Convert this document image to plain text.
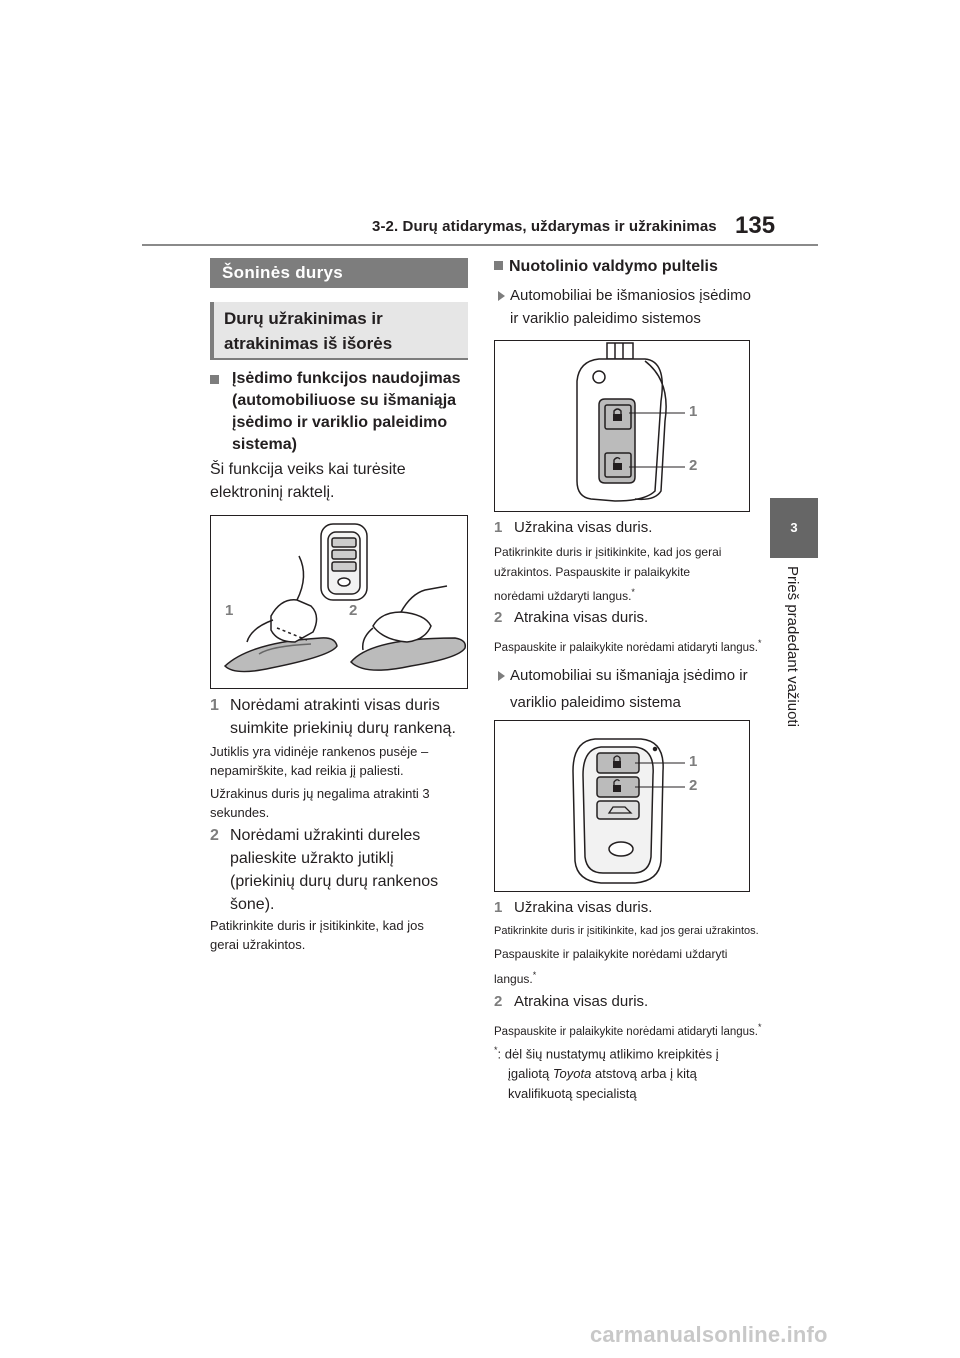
3-2. Durų atidarymas, uždarymas ir užrakinimas 135
3
Prieš pradedant važiuoti
Šoninės durys
Durų užrakinimas ir
atrakinimas iš išorės
Įsėdimo funkcijos naudojimas
(automobiliuose su išmaniąja
įsėdimo ir variklio paleidimo
sistema)
Ši funkcija veiks kai turėsite
elektroninį raktelį.
1	2
1 Norėdami atrakinti visas duris
suimkite priekinių durų rankeną.
Jutiklis yra vidinėje rankenos pusėje –
nepamirškite, kad reikia jį paliesti.
Užrakinus duris jų negalima atrakinti 3
sekundes.
2 Norėdami užrakinti dureles
palieskite užrakto jutiklį
(priekinių durų durų rankenos
šone).
Patikrinkite duris ir įsitikinkite, kad jos
gerai užrakintos.
Nuotolinio valdymo pultelis
Automobiliai be išmaniosios įsėdimo
ir variklio paleidimo sistemos
1
2
1 Užrakina visas duris.
Patikrinkite duris ir įsitikinkite, kad jos gerai
užrakintos. Paspauskite ir palaikykite
norėdami uždaryti langus.*
2 Atrakina visas duris.
Paspauskite ir palaikykite norėdami atidaryti langus.*
Automobiliai su išmaniąja įsėdimo ir
variklio paleidimo sistema
1
2
1 Užrakina visas duris.
Patikrinkite duris ir įsitikinkite, kad jos gerai užrakintos.
Paspauskite ir palaikykite norėdami uždaryti
langus.*
2 Atrakina visas duris.
Paspauskite ir palaikykite norėdami atidaryti langus.*
*: dėl šių nustatymų atlikimo kreipkitės į
įgaliotą Toyota atstovą arba į kitą
kvalifikuotą specialistą
carmanualsonline.info
